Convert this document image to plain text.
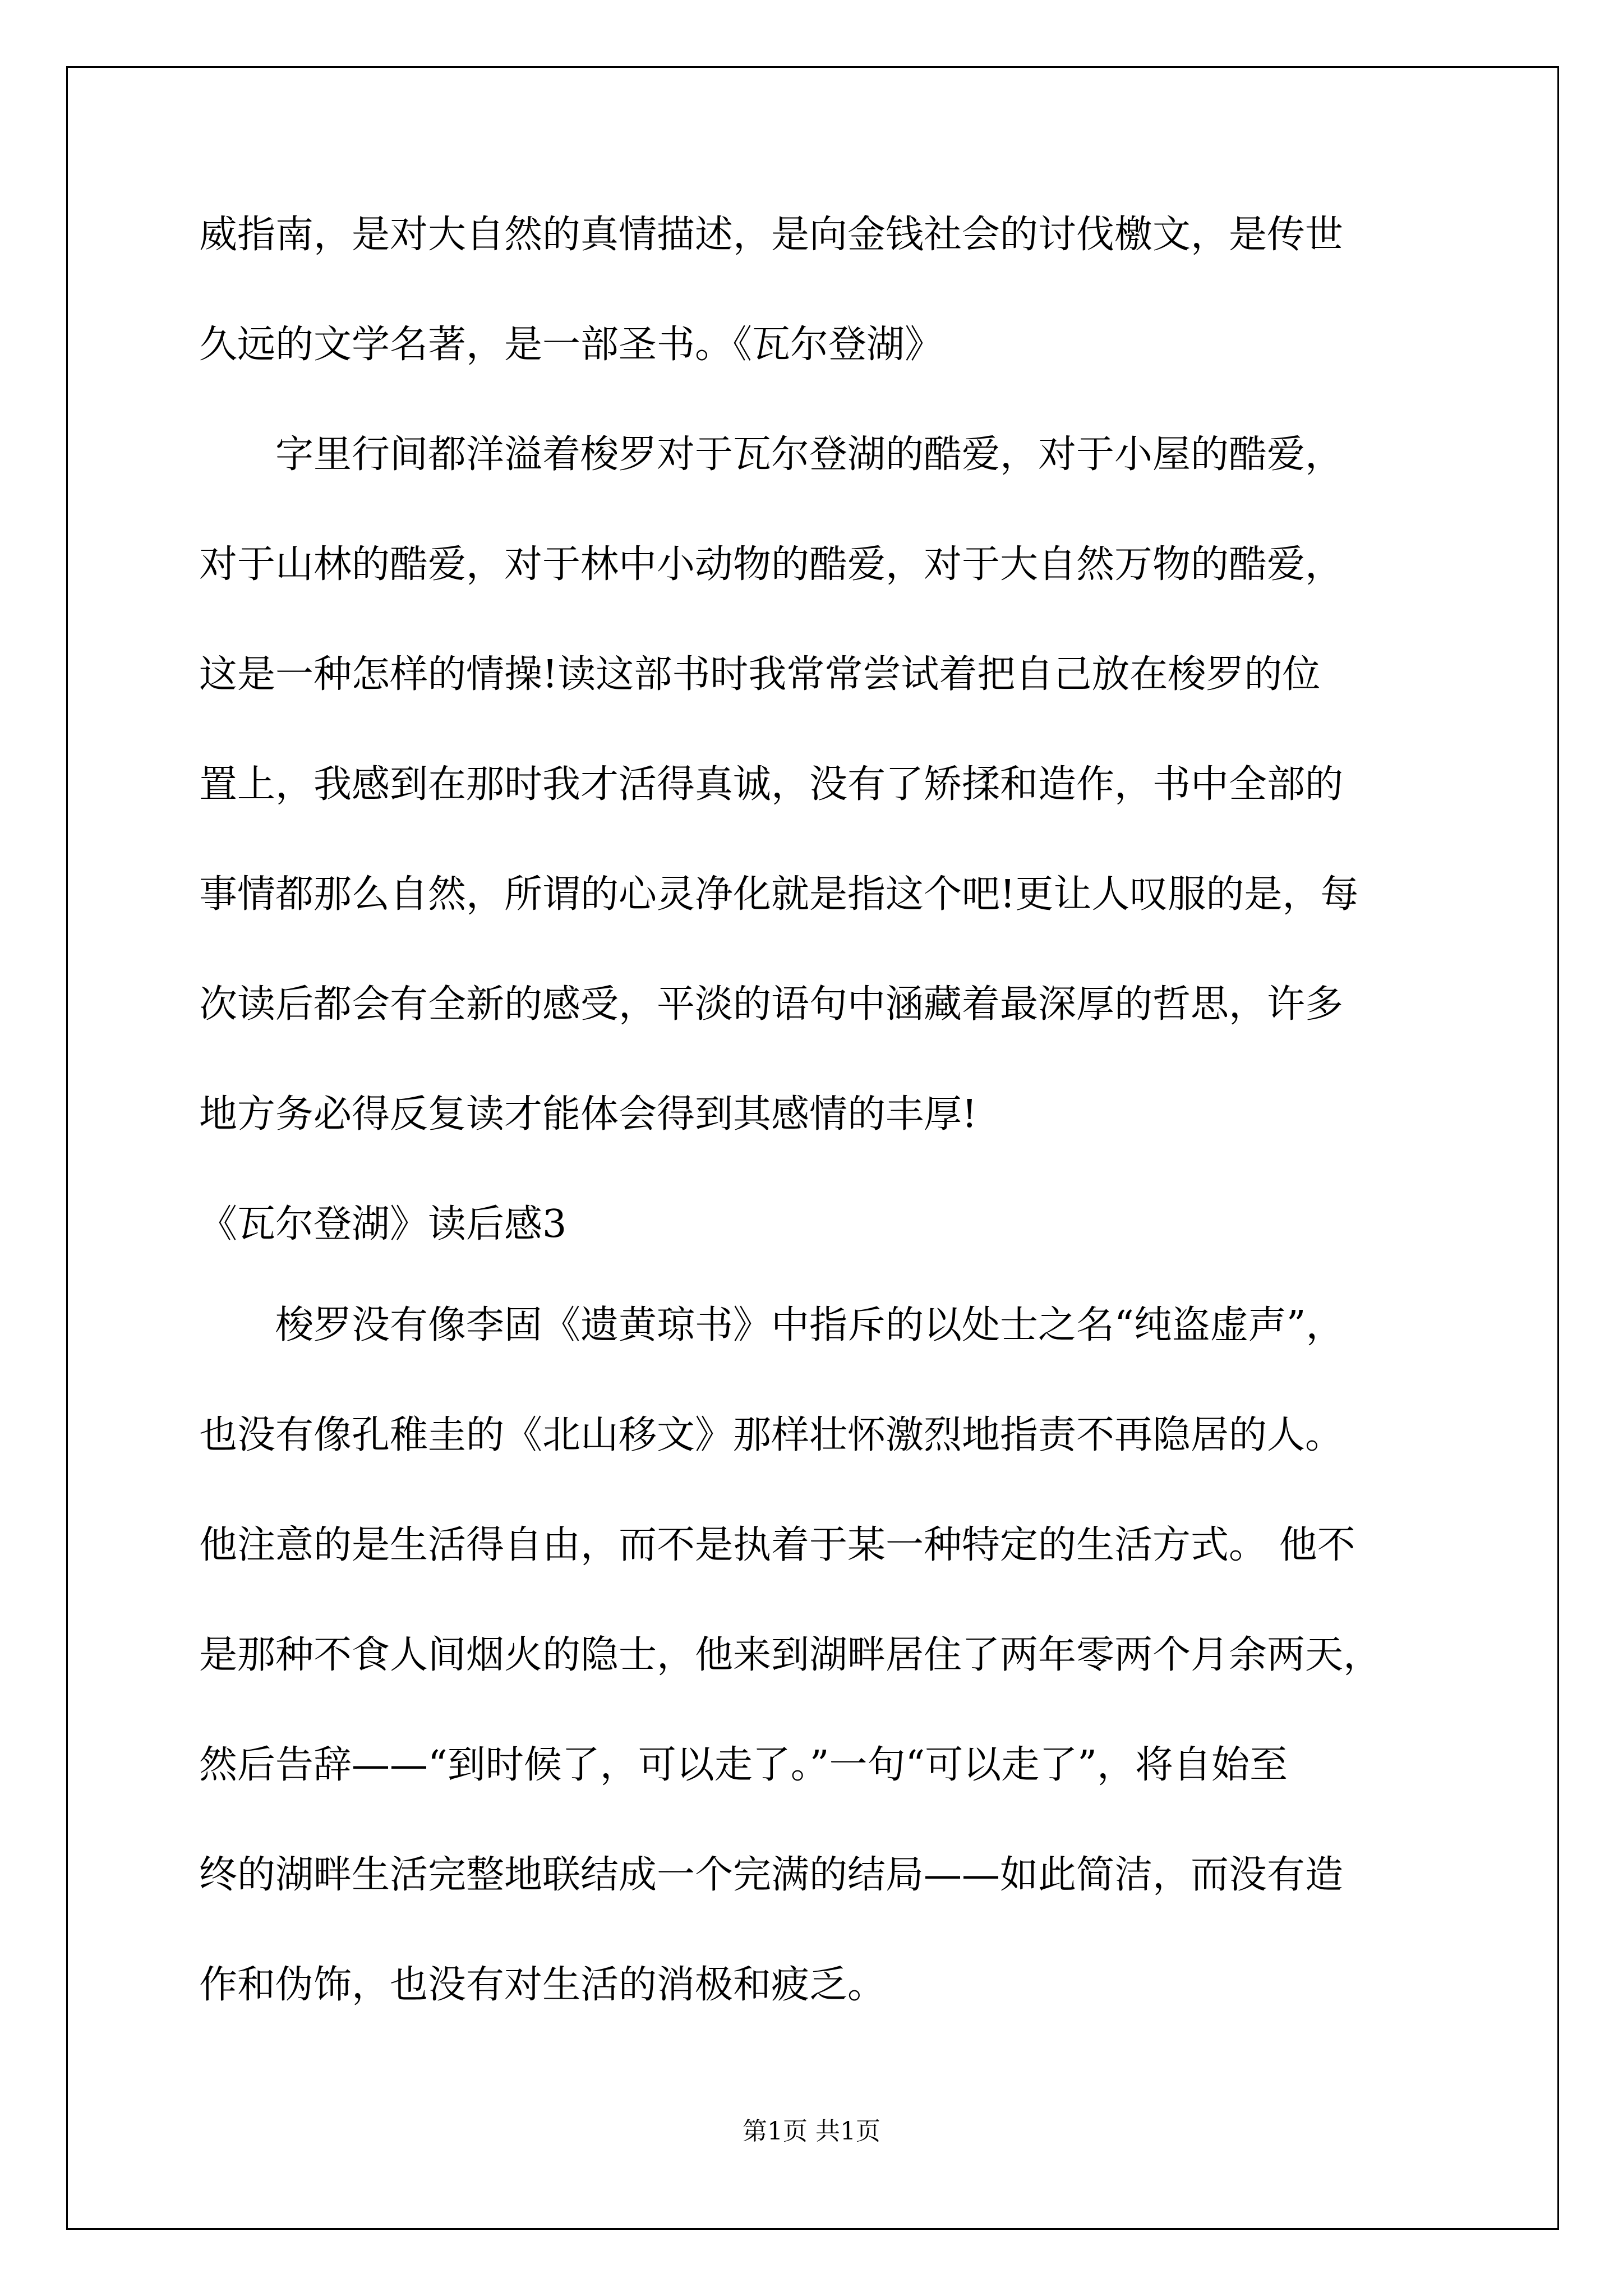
威指南，是对大自然的真情描述，是向金钱社会的讨伐檄文，是传世
久远的文学名著，是一部圣书。《瓦尔登湖》
字里行间都洋溢着梭罗对于瓦尔登湖的酷爱，对于小屋的酷爱，
对于山林的酷爱，对于林中小动物的酷爱，对于大自然万物的酷爱，
这是一种怎样的情操!读这部书时我常常尝试着把自己放在梭罗的位
置上，我感到在那时我才活得真诚，没有了矫揉和造作，书中全部的
事情都那么自然，所谓的心灵净化就是指这个吧!更让人叹服的是，每
次读后都会有全新的感受，平淡的语句中涵藏着最深厚的哲思，许多
地方务必得反复读才能体会得到其感情的丰厚!
《瓦尔登湖》读后感3
梭罗没有像李固《遗黄琼书》中指斥的以处士之名“纯盗虚声”，
也没有像孔稚圭的《北山移文》那样壮怀激烈地指责不再隐居的人。
他注意的是生活得自由，而不是执着于某一种特定的生活方式。 他不
是那种不食人间烟火的隐士，他来到湖畔居住了两年零两个月余两天，
然后告辞——“到时候了，可以走了。”一句“可以走了”，将自始至
终的湖畔生活完整地联结成一个完满的结局——如此简洁，而没有造
作和伪饰，也没有对生活的消极和疲乏。
第1页 共1页
